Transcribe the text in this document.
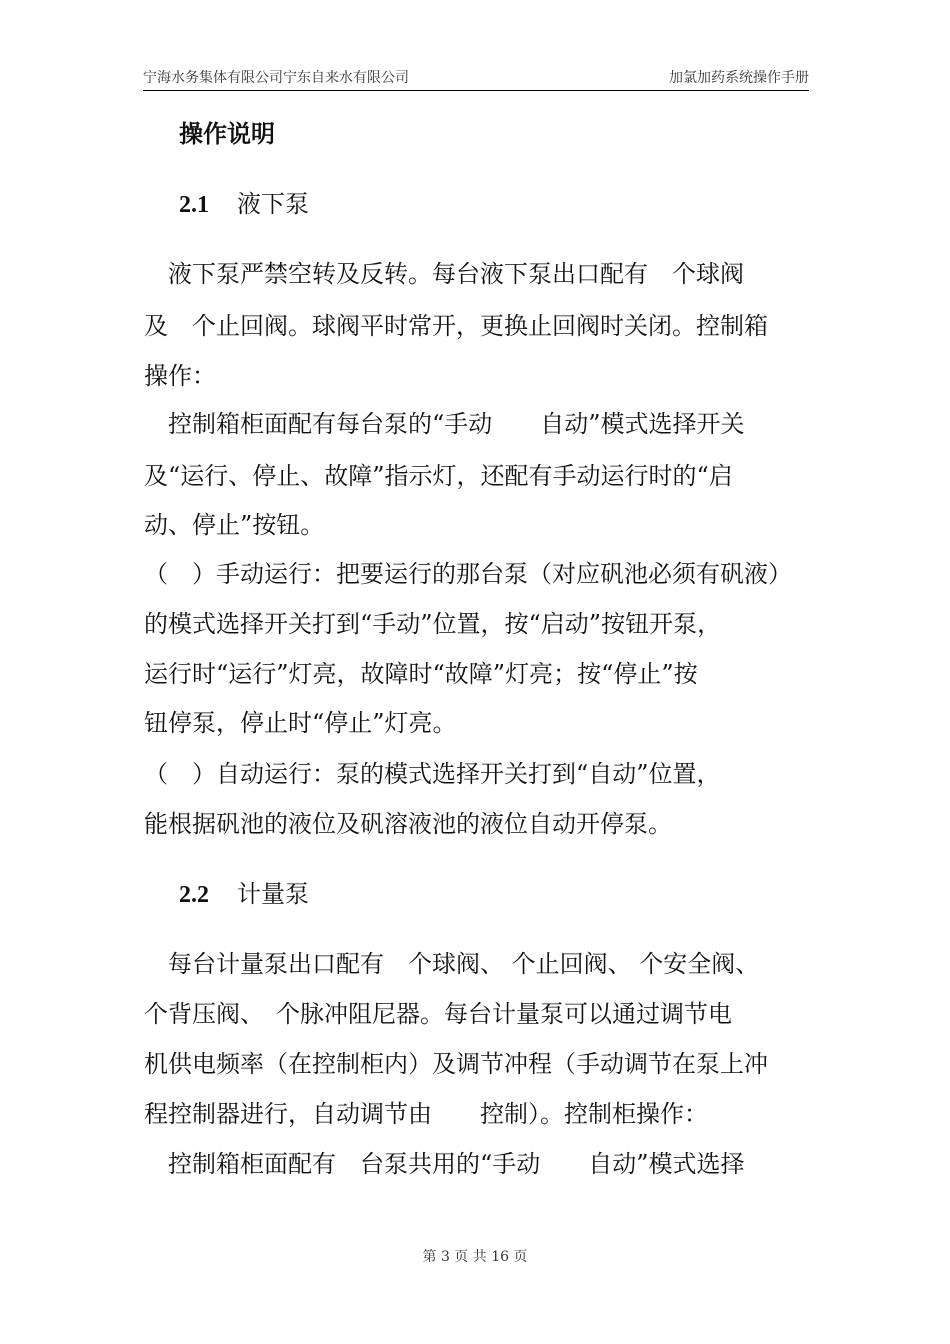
宁海水务集体有限公司宁东自来水有限公司	加氯加药系统操作手册
操作说明
2.1 液下泵
　液下泵严禁空转及反转。每台液下泵出口配有　个球阀
及　个止回阀。球阀平时常开，更换止回阀时关闭。控制箱
操作：
　控制箱柜面配有每台泵的“手动　　自动”模式选择开关
及“运行、停止、故障”指示灯，还配有手动运行时的“启
动、停止”按钮。
（　）手动运行：把要运行的那台泵（对应矾池必须有矾液）
的模式选择开关打到“手动”位置，按“启动”按钮开泵，
运行时“运行”灯亮，故障时“故障”灯亮；按“停止”按
钮停泵，停止时“停止”灯亮。
（　）自动运行：泵的模式选择开关打到“自动”位置，
能根据矾池的液位及矾溶液池的液位自动开停泵。
2.2 计量泵
　每台计量泵出口配有　个球阀、 个止回阀、 个安全阀、
个背压阀、　个脉冲阻尼器。每台计量泵可以通过调节电
机供电频率（在控制柜内）及调节冲程（手动调节在泵上冲
程控制器进行，自动调节由　　控制）。控制柜操作：
　控制箱柜面配有　台泵共用的“手动　　自动”模式选择
第 3 页 共 16 页
